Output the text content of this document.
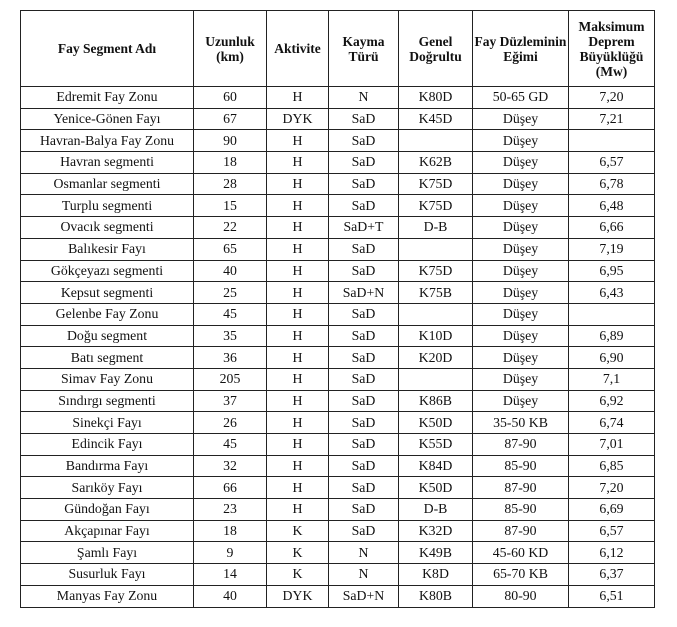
Fay Segment Adı	Uzunluk (km)	Aktivite	Kayma Türü	Genel Doğrultu	Fay Düzleminin Eğimi	Maksimum Deprem Büyüklüğü (Mw)
Edremit Fay Zonu	60	H	N	K80D	50-65 GD	7,20
Yenice-Gönen Fayı	67	DYK	SaD	K45D	Düşey	7,21
Havran-Balya Fay Zonu	90	H	SaD		Düşey	
Havran segmenti	18	H	SaD	K62B	Düşey	6,57
Osmanlar segmenti	28	H	SaD	K75D	Düşey	6,78
Turplu segmenti	15	H	SaD	K75D	Düşey	6,48
Ovacık segmenti	22	H	SaD+T	D-B	Düşey	6,66
Balıkesir Fayı	65	H	SaD		Düşey	7,19
Gökçeyazı segmenti	40	H	SaD	K75D	Düşey	6,95
Kepsut segmenti	25	H	SaD+N	K75B	Düşey	6,43
Gelenbe Fay Zonu	45	H	SaD		Düşey	
Doğu segment	35	H	SaD	K10D	Düşey	6,89
Batı segment	36	H	SaD	K20D	Düşey	6,90
Simav Fay Zonu	205	H	SaD		Düşey	7,1
Sındırgı segmenti	37	H	SaD	K86B	Düşey	6,92
Sinekçi Fayı	26	H	SaD	K50D	35-50 KB	6,74
Edincik Fayı	45	H	SaD	K55D	87-90	7,01
Bandırma Fayı	32	H	SaD	K84D	85-90	6,85
Sarıköy Fayı	66	H	SaD	K50D	87-90	7,20
Gündoğan Fayı	23	H	SaD	D-B	85-90	6,69
Akçapınar Fayı	18	K	SaD	K32D	87-90	6,57
Şamlı Fayı	9	K	N	K49B	45-60 KD	6,12
Susurluk Fayı	14	K	N	K8D	65-70 KB	6,37
Manyas Fay Zonu	40	DYK	SaD+N	K80B	80-90	6,51
